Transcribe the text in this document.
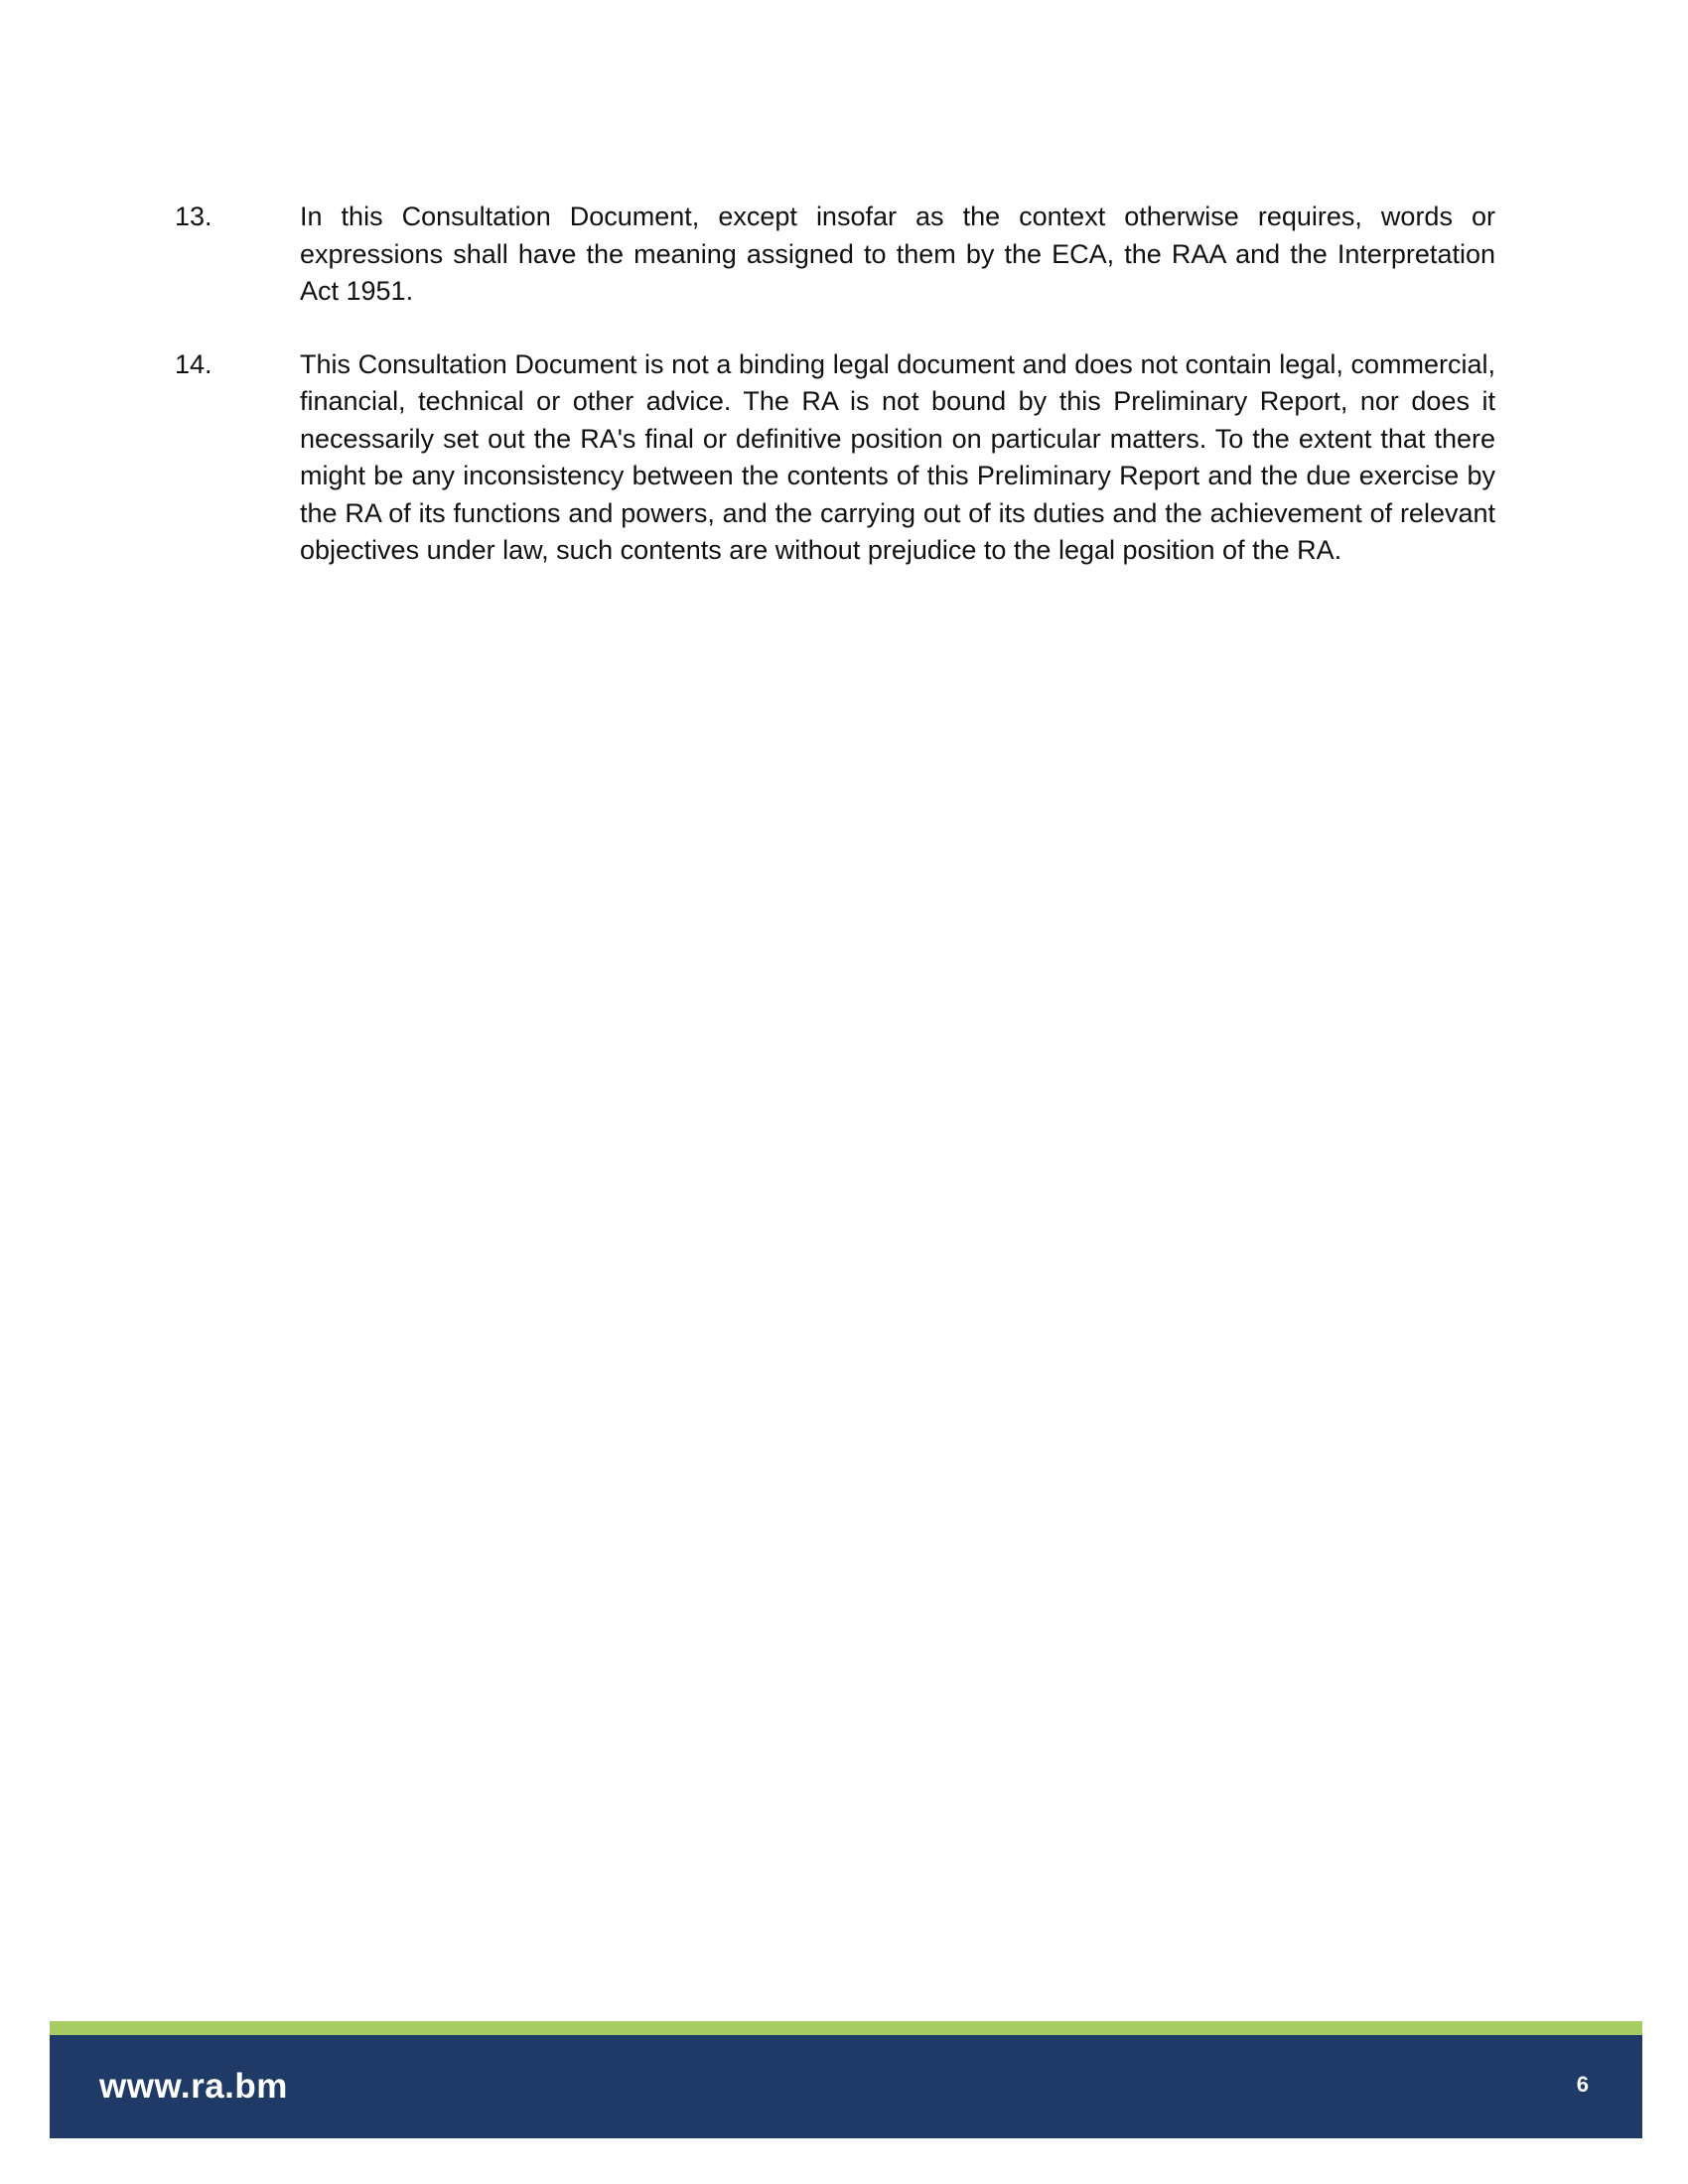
13.	In this Consultation Document, except insofar as the context otherwise requires, words or expressions shall have the meaning assigned to them by the ECA, the RAA and the Interpretation Act 1951.
14.	This Consultation Document is not a binding legal document and does not contain legal, commercial, financial, technical or other advice. The RA is not bound by this Preliminary Report, nor does it necessarily set out the RA's final or definitive position on particular matters. To the extent that there might be any inconsistency between the contents of this Preliminary Report and the due exercise by the RA of its functions and powers, and the carrying out of its duties and the achievement of relevant objectives under law, such contents are without prejudice to the legal position of the RA.
www.ra.bm	6
